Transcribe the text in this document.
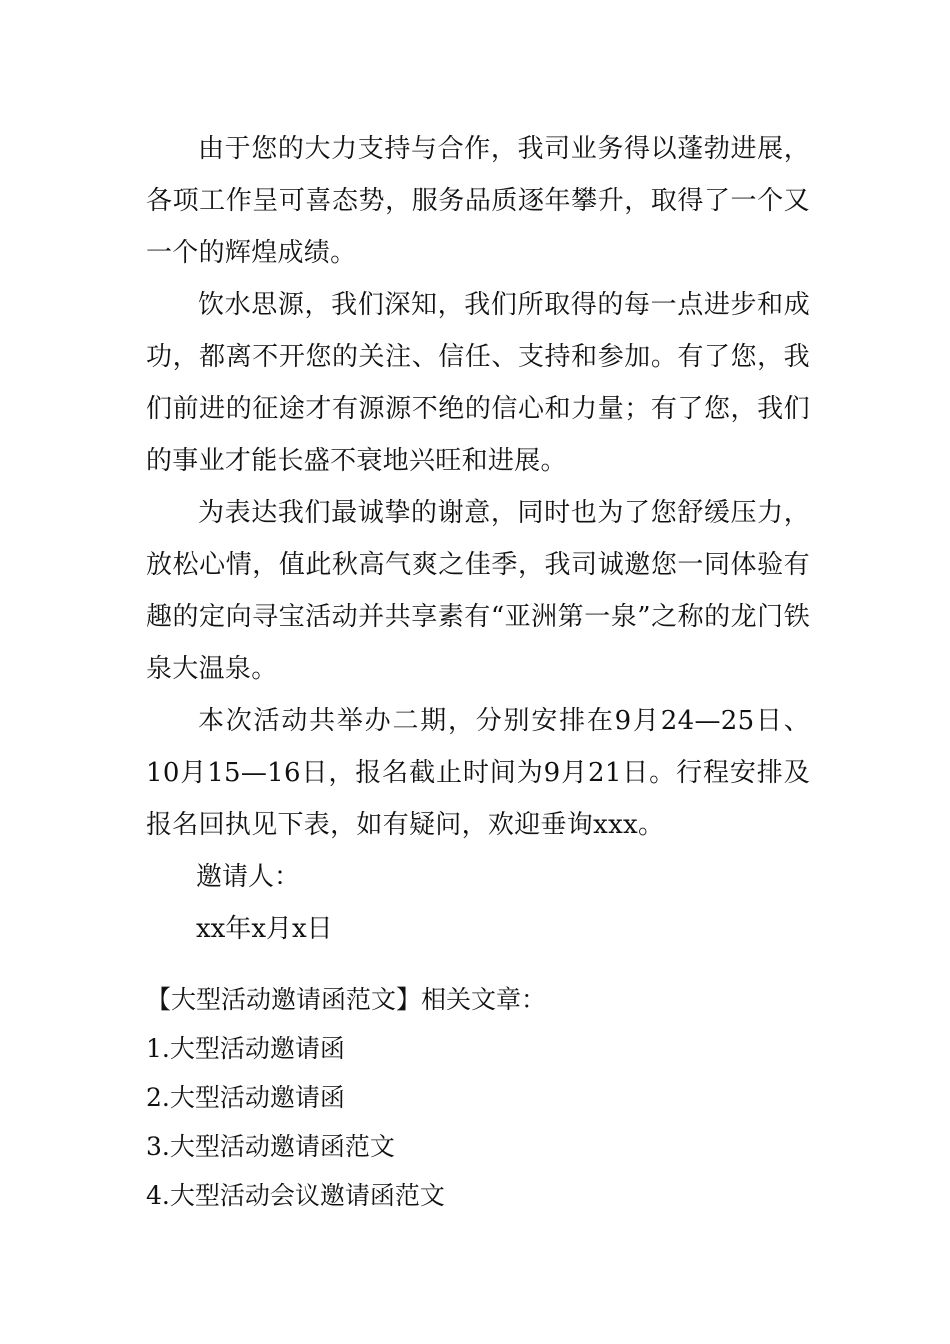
由于您的大力支持与合作，我司业务得以蓬勃进展，各项工作呈可喜态势，服务品质逐年攀升，取得了一个又一个的辉煌成绩。

饮水思源，我们深知，我们所取得的每一点进步和成功，都离不开您的关注、信任、支持和参加。有了您，我们前进的征途才有源源不绝的信心和力量；有了您，我们的事业才能长盛不衰地兴旺和进展。

为表达我们最诚挚的谢意，同时也为了您舒缓压力，放松心情，值此秋高气爽之佳季，我司诚邀您一同体验有趣的定向寻宝活动并共享素有“亚洲第一泉”之称的龙门铁泉大温泉。

本次活动共举办二期，分别安排在9月24—25日、10月15—16日，报名截止时间为9月21日。行程安排及报名回执见下表，如有疑问，欢迎垂询xxx。

邀请人：

xx年x月x日

【大型活动邀请函范文】相关文章：

1.大型活动邀请函
2.大型活动邀请函
3.大型活动邀请函范文
4.大型活动会议邀请函范文
